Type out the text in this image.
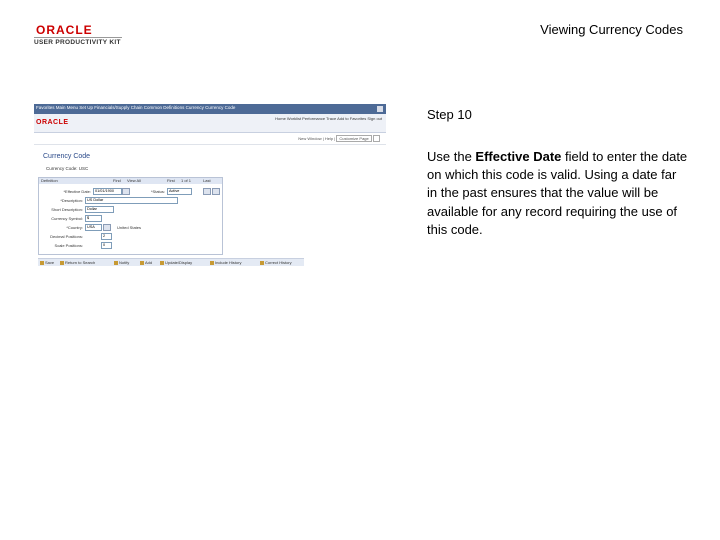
ORACLE
USER PRODUCTIVITY KIT
Viewing Currency Codes
Favorites Main Menu Set Up Financials/Supply Chain Common Definitions Currency Currency Code
ORACLE
Home Worklist Performance Trace Add to Favorites Sign out
New Window | Help | Customize Page
Currency Code
Currency Code: USC
Definition	Find View All	First 1 of 1	Last
*Effective Date:	01/01/1900	*Status:	Active
*Description:	US Dollar
Short Description:	Dollar
Currency Symbol:	$
*Country:	USA	United States
Decimal Positions:	2
Scale Positions:	0
Save	Return to Search	Notify	Add	Update/Display	Include History	Correct History
Step 10
Use the Effective Date field to enter the date on which this code is valid. Using a date far in the past ensures that the value will be available for any record requiring the use of this code.
